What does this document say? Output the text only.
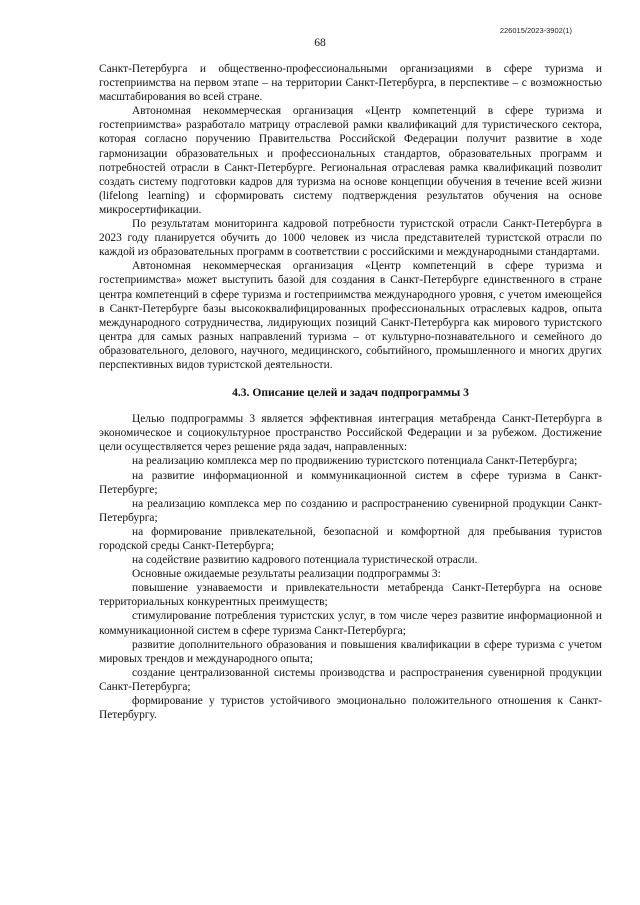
226015/2023-3902(1)
68

Санкт-Петербурга и общественно-профессиональными организациями в сфере туризма и гостеприимства на первом этапе – на территории Санкт-Петербурга, в перспективе – с возможностью масштабирования во всей стране.

Автономная некоммерческая организация «Центр компетенций в сфере туризма и гостеприимства» разработало матрицу отраслевой рамки квалификаций для туристического сектора, которая согласно поручению Правительства Российской Федерации получит развитие в ходе гармонизации образовательных и профессиональных стандартов, образовательных программ и потребностей отрасли в Санкт-Петербурге. Региональная отраслевая рамка квалификаций позволит создать систему подготовки кадров для туризма на основе концепции обучения в течение всей жизни (lifelong learning) и сформировать систему подтверждения результатов обучения на основе микросертификации.

По результатам мониторинга кадровой потребности туристской отрасли Санкт-Петербурга в 2023 году планируется обучить до 1000 человек из числа представителей туристской отрасли по каждой из образовательных программ в соответствии с российскими и международными стандартами.

Автономная некоммерческая организация «Центр компетенций в сфере туризма и гостеприимства» может выступить базой для создания в Санкт-Петербурге единственного в стране центра компетенций в сфере туризма и гостеприимства международного уровня, с учетом имеющейся в Санкт-Петербурге базы высококвалифицированных профессиональных отраслевых кадров, опыта международного сотрудничества, лидирующих позиций Санкт-Петербурга как мирового туристского центра для самых разных направлений туризма – от культурно-познавательного и семейного до образовательного, делового, научного, медицинского, событийного, промышленного и многих других перспективных видов туристской деятельности.

4.3. Описание целей и задач подпрограммы 3

Целью подпрограммы 3 является эффективная интеграция метабренда Санкт-Петербурга в экономическое и социокультурное пространство Российской Федерации и за рубежом. Достижение цели осуществляется через решение ряда задач, направленных:

на реализацию комплекса мер по продвижению туристского потенциала Санкт-Петербурга;

на развитие информационной и коммуникационной систем в сфере туризма в Санкт-Петербурге;

на реализацию комплекса мер по созданию и распространению сувенирной продукции Санкт-Петербурга;

на формирование привлекательной, безопасной и комфортной для пребывания туристов городской среды Санкт-Петербурга;

на содействие развитию кадрового потенциала туристической отрасли.

Основные ожидаемые результаты реализации подпрограммы 3:

повышение узнаваемости и привлекательности метабренда Санкт-Петербурга на основе территориальных конкурентных преимуществ;

стимулирование потребления туристских услуг, в том числе через развитие информационной и коммуникационной систем в сфере туризма Санкт-Петербурга;

развитие дополнительного образования и повышения квалификации в сфере туризма с учетом мировых трендов и международного опыта;

создание централизованной системы производства и распространения сувенирной продукции Санкт-Петербурга;

формирование у туристов устойчивого эмоционально положительного отношения к Санкт-Петербургу.
